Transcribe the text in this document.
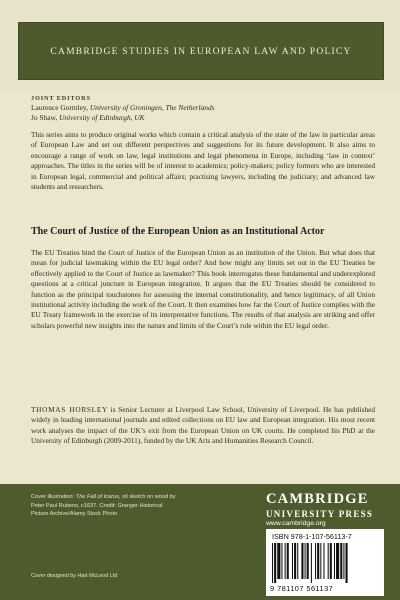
CAMBRIDGE STUDIES IN EUROPEAN LAW AND POLICY
JOINT EDITORS
Laurence Gormley, University of Groningen, The Netherlands
Jo Shaw, University of Edinburgh, UK

This series aims to produce original works which contain a critical analysis of the state of the law in particular areas of European Law and set out different perspectives and suggestions for its future development. It also aims to encourage a range of work on law, legal institutions and legal phenomena in Europe, including ‘law in context’ approaches. The titles in the series will be of interest to academics; policy-makers; policy formers who are interested in European legal, commercial and political affairs; practising lawyers, including the judiciary; and advanced law students and researchers.

The Court of Justice of the European Union as an Institutional Actor

The EU Treaties bind the Court of Justice of the European Union as an institution of the Union. But what does that mean for judicial lawmaking within the EU legal order? And how might any limits set out in the EU Treaties be effectively applied to the Court of Justice as lawmaker? This book interrogates these fundamental and underexplored questions at a critical juncture in European integration. It argues that the EU Treaties should be considered to function as the principal touchstones for assessing the internal constitutionality, and hence legitimacy, of all Union institutional activity including the work of the Court. It then examines how far the Court of Justice complies with the EU Treaty framework in the exercise of its interpretative functions. The results of that analysis are striking and offer scholars powerful new insights into the nature and limits of the Court’s role within the EU legal order.

THOMAS HORSLEY is Senior Lecturer at Liverpool Law School, University of Liverpool. He has published widely in leading international journals and edited collections on EU law and European integration. His most recent work analyses the impact of the UK’s exit from the European Union on UK courts. He completed his PhD at the University of Edinburgh (2009-2011), funded by the UK Arts and Humanities Research Council.

Cover illustration: The Fall of Icarus, oil sketch on wood by Peter Paul Rubens, c1637. Credit: Granger Historical Picture Archive/Alamy Stock Photo
Cover designed by Hart McLeod Ltd
CAMBRIDGE
UNIVERSITY PRESS
www.cambridge.org
ISBN 978-1-107-56113-7
9 781107 561137
